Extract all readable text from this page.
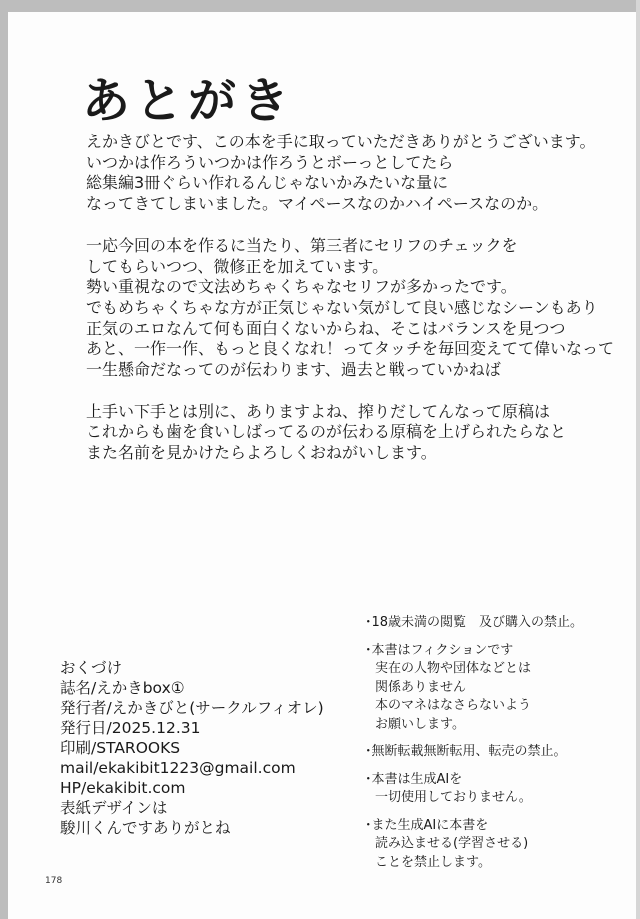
あとがき

えかきびとです、この本を手に取っていただきありがとうございます。

いつかは作ろういつかは作ろうとボーっとしてたら

総集編3冊ぐらい作れるんじゃないかみたいな量に

なってきてしまいました。マイペースなのかハイペースなのか。

一応今回の本を作るに当たり、第三者にセリフのチェックを

してもらいつつ、微修正を加えています。

勢い重視なので文法めちゃくちゃなセリフが多かったです。

でもめちゃくちゃな方が正気じゃない気がして良い感じなシーンもあり

正気のエロなんて何も面白くないからね、そこはバランスを見つつ

あと、一作一作、もっと良くなれ！ってタッチを毎回変えてて偉いなって

一生懸命だなってのが伝わります、過去と戦っていかねば

上手い下手とは別に、ありますよね、搾りだしてんなって原稿は

これからも歯を食いしばってるのが伝わる原稿を上げられたらなと

また名前を見かけたらよろしくおねがいします。

おくづけ

誌名/えかきbox①

発行者/えかきびと(サークルフィオレ)

発行日/2025.12.31

印刷/STAROOKS

mail/ekakibit1223@gmail.com

HP/ekakibit.com

表紙デザインは

駿川くんですありがとね

･18歳未満の閲覧　及び購入の禁止。

･本書はフィクションです

実在の人物や団体などとは

関係ありません

本のマネはなさらないよう

お願いします。

･無断転載無断転用、転売の禁止。

･本書は生成AIを

一切使用しておりません。

･また生成AIに本書を

読み込ませる(学習させる)

ことを禁止します。

178
